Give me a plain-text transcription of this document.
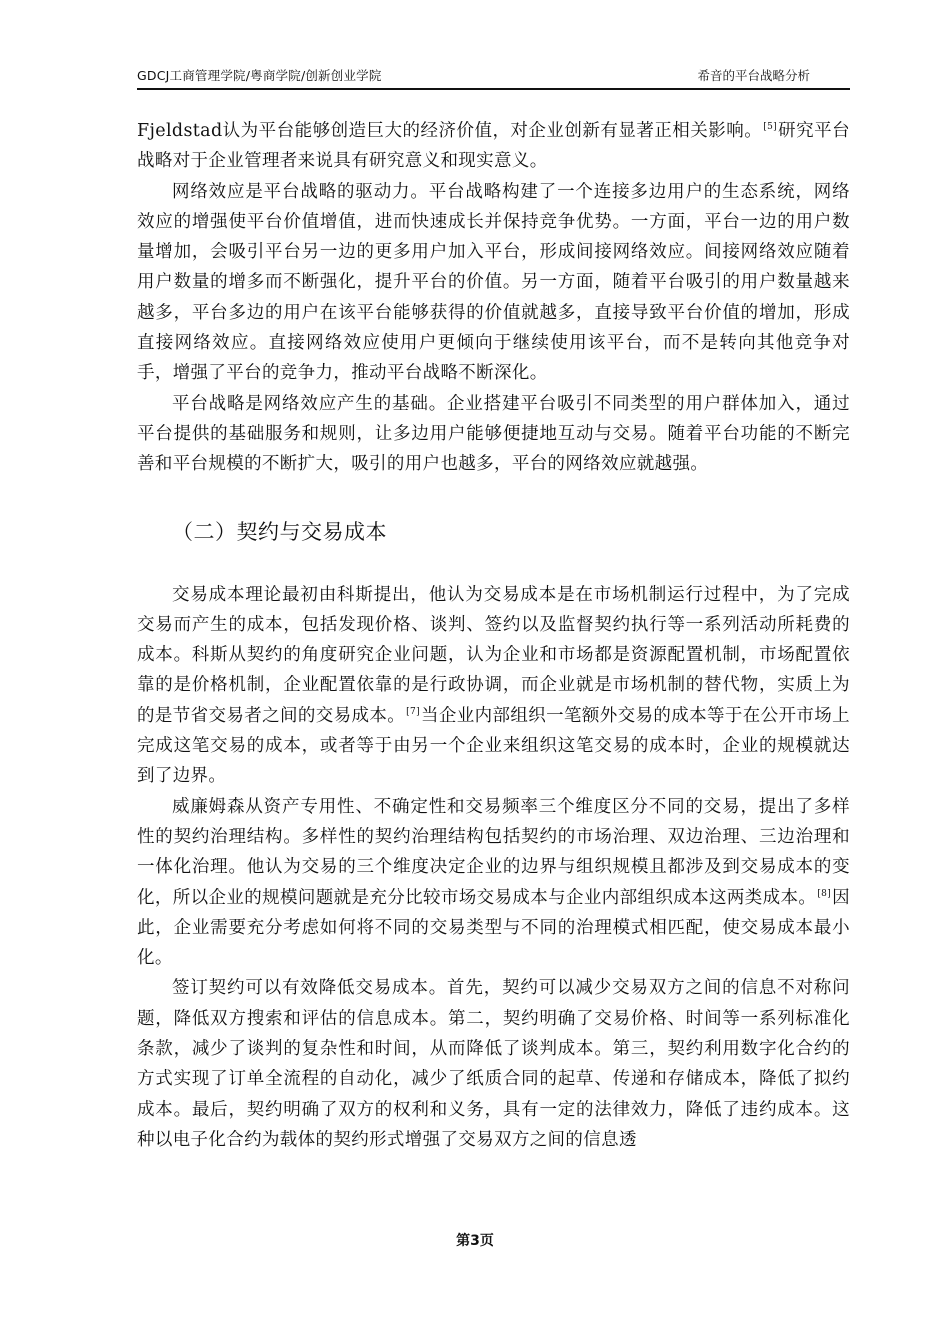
GDCJ工商管理学院/粤商学院/创新创业学院	希音的平台战略分析

Fjeldstad认为平台能够创造巨大的经济价值，对企业创新有显著正相关影响。[5]研究平台战略对于企业管理者来说具有研究意义和现实意义。

网络效应是平台战略的驱动力。平台战略构建了一个连接多边用户的生态系统，网络效应的增强使平台价值增值，进而快速成长并保持竞争优势。一方面，平台一边的用户数量增加，会吸引平台另一边的更多用户加入平台，形成间接网络效应。间接网络效应随着用户数量的增多而不断强化，提升平台的价值。另一方面，随着平台吸引的用户数量越来越多，平台多边的用户在该平台能够获得的价值就越多，直接导致平台价值的增加，形成直接网络效应。直接网络效应使用户更倾向于继续使用该平台，而不是转向其他竞争对手，增强了平台的竞争力，推动平台战略不断深化。

平台战略是网络效应产生的基础。企业搭建平台吸引不同类型的用户群体加入，通过平台提供的基础服务和规则，让多边用户能够便捷地互动与交易。随着平台功能的不断完善和平台规模的不断扩大，吸引的用户也越多，平台的网络效应就越强。

（二）契约与交易成本

交易成本理论最初由科斯提出，他认为交易成本是在市场机制运行过程中，为了完成交易而产生的成本，包括发现价格、谈判、签约以及监督契约执行等一系列活动所耗费的成本。科斯从契约的角度研究企业问题，认为企业和市场都是资源配置机制，市场配置依靠的是价格机制，企业配置依靠的是行政协调，而企业就是市场机制的替代物，实质上为的是节省交易者之间的交易成本。[7]当企业内部组织一笔额外交易的成本等于在公开市场上完成这笔交易的成本，或者等于由另一个企业来组织这笔交易的成本时，企业的规模就达到了边界。

威廉姆森从资产专用性、不确定性和交易频率三个维度区分不同的交易，提出了多样性的契约治理结构。多样性的契约治理结构包括契约的市场治理、双边治理、三边治理和一体化治理。他认为交易的三个维度决定企业的边界与组织规模且都涉及到交易成本的变化，所以企业的规模问题就是充分比较市场交易成本与企业内部组织成本这两类成本。[8]因此，企业需要充分考虑如何将不同的交易类型与不同的治理模式相匹配，使交易成本最小化。

签订契约可以有效降低交易成本。首先，契约可以减少交易双方之间的信息不对称问题，降低双方搜索和评估的信息成本。第二，契约明确了交易价格、时间等一系列标准化条款，减少了谈判的复杂性和时间，从而降低了谈判成本。第三，契约利用数字化合约的方式实现了订单全流程的自动化，减少了纸质合同的起草、传递和存储成本，降低了拟约成本。最后，契约明确了双方的权利和义务，具有一定的法律效力，降低了违约成本。这种以电子化合约为载体的契约形式增强了交易双方之间的信息透

第3页
